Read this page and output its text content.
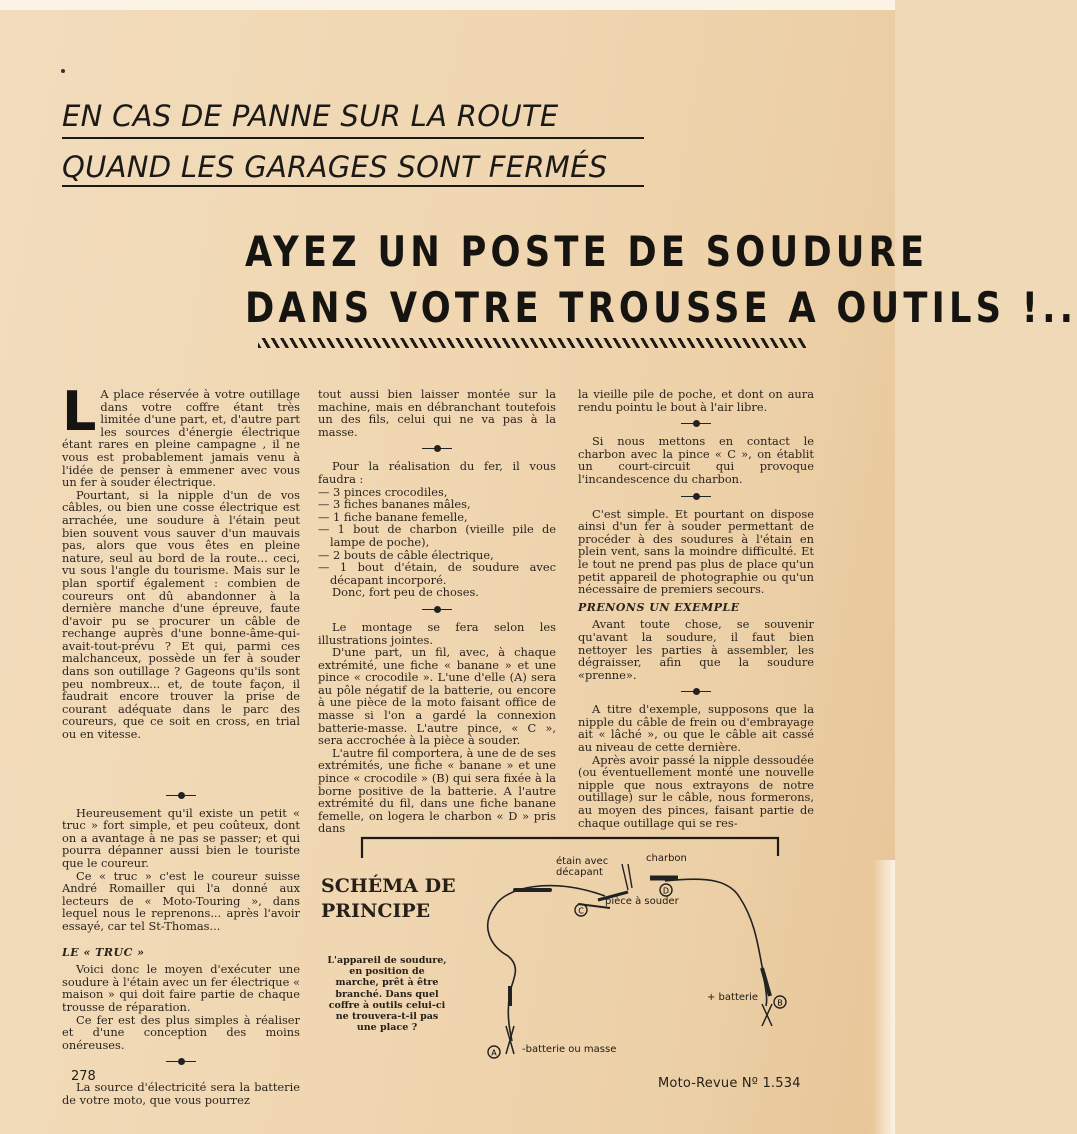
EN CAS DE PANNE SUR LA ROUTE
QUAND LES GARAGES SONT FERMÉS
AYEZ UN POSTE DE SOUDURE
DANS VOTRE TROUSSE A OUTILS !..
L A place réservée à votre outillage dans votre coffre étant très limitée d'une part, et, d'autre part les sources d'énergie électrique étant rares en pleine campagne , il ne vous est probablement jamais venu à l'idée de penser à emmener avec vous un fer à souder électrique.

Pourtant, si la nipple d'un de vos câbles, ou bien une cosse électrique est arrachée, une soudure à l'étain peut bien souvent vous sauver d'un mauvais pas, alors que vous êtes en pleine nature, seul au bord de la route... ceci, vu sous l'angle du tourisme. Mais sur le plan sportif également : combien de coureurs ont dû abandonner à la dernière manche d'une épreuve, faute d'avoir pu se procurer un câble de rechange auprès d'une bonne-âme-qui-avait-tout-prévu ? Et qui, parmi ces malchanceux, possède un fer à souder dans son outillage ? Gageons qu'ils sont peu nombreux... et, de toute façon, il faudrait encore trouver la prise de courant adéquate dans le parc des coureurs, que ce soit en cross, en trial ou en vitesse.

Heureusement qu'il existe un petit « truc » fort simple, et peu coûteux, dont on a avantage à ne pas se passer; et qui pourra dépanner aussi bien le touriste que le coureur.

Ce « truc » c'est le coureur suisse André Romailler qui l'a donné aux lecteurs de « Moto-Touring », dans lequel nous le reprenons... après l'avoir essayé, car tel St-Thomas...

LE « TRUC »

Voici donc le moyen d'exécuter une soudure à l'étain avec un fer électrique « maison » qui doit faire partie de chaque trousse de réparation.

Ce fer est des plus simples à réaliser et d'une conception des moins onéreuses.

La source d'électricité sera la batterie de votre moto, que vous pourrez

tout aussi bien laisser montée sur la machine, mais en débranchant toutefois un des fils, celui qui ne va pas à la masse.

Pour la réalisation du fer, il vous faudra :

— 3 pinces crocodiles,

— 3 fiches bananes mâles,

— 1 fiche banane femelle,

— 1 bout de charbon (vieille pile de lampe de poche),

— 2 bouts de câble électrique,

— 1 bout d'étain, de soudure avec décapant incorporé.

Donc, fort peu de choses.

Le montage se fera selon les illustrations jointes.

D'une part, un fil, avec, à chaque extrémité, une fiche « banane » et une pince « crocodile ». L'une d'elle (A) sera au pôle négatif de la batterie, ou encore à une pièce de la moto faisant office de masse si l'on a gardé la connexion batterie-masse. L'autre pince, « C », sera accrochée à la pièce à souder.

L'autre fil comportera, à une de de ses extrémités, une fiche « banane » et une pince « crocodile » (B) qui sera fixée à la borne positive de la batterie. A l'autre extrémité du fil, dans une fiche banane femelle, on logera le charbon « D » pris dans

la vieille pile de poche, et dont on aura rendu pointu le bout à l'air libre.

Si nous mettons en contact le charbon avec la pince « C », on établit un court-circuit qui provoque l'incandescence du charbon.

C'est simple. Et pourtant on dispose ainsi d'un fer à souder permettant de procéder à des soudures à l'étain en plein vent, sans la moindre difficulté. Et le tout ne prend pas plus de place qu'un petit appareil de photographie ou qu'un nécessaire de premiers secours.

PRENONS UN EXEMPLE

Avant toute chose, se souvenir qu'avant la soudure, il faut bien nettoyer les parties à assembler, les dégraisser, afin que la soudure «prenne».

A titre d'exemple, supposons que la nipple du câble de frein ou d'embrayage ait « lâché », ou que le câble ait cassé au niveau de cette dernière.

Après avoir passé la nipple dessoudée (ou éventuellement monté une nouvelle nipple que nous extrayons de notre outillage) sur le câble, nous formerons, au moyen des pinces, faisant partie de chaque outillage qui se res-

C
D
B
A
SCHÉMA DE
PRINCIPE
L'appareil de soudure, en position de marche, prêt à être branché. Dans quel coffre à outils celui-ci ne trouvera-t-il pas une place ?
étain avec décapant
charbon
pièce à souder
+ batterie
-batterie ou masse
278	Moto-Revue Nº 1.534
